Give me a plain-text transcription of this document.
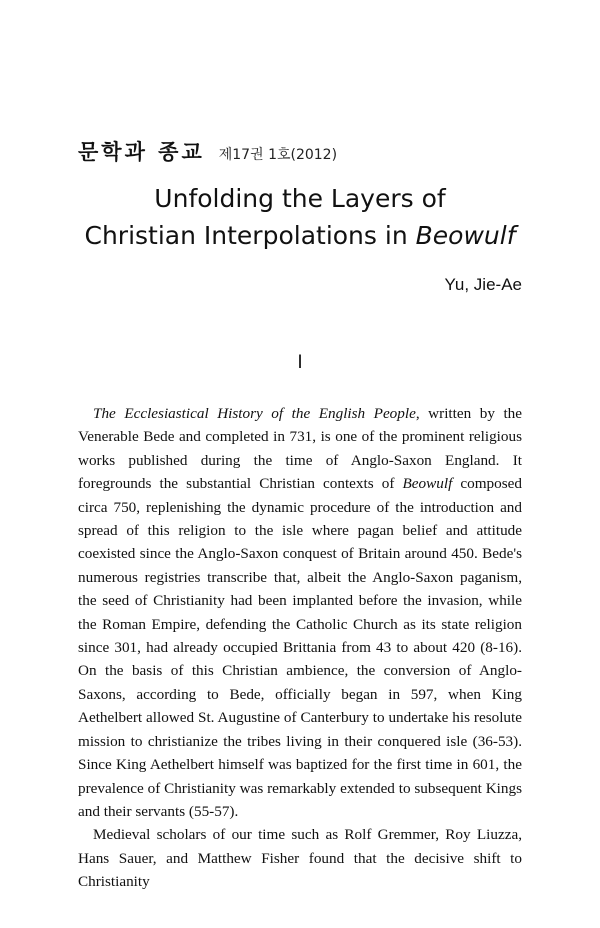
문학과 종교 제17권 1호(2012)
Unfolding the Layers of
Christian Interpolations in Beowulf
Yu, Jie-Ae
I

The Ecclesiastical History of the English People, written by the Venerable Bede and completed in 731, is one of the prominent religious works published during the time of Anglo-Saxon England. It foregrounds the substantial Christian contexts of Beowulf composed circa 750, replenishing the dynamic procedure of the introduction and spread of this religion to the isle where pagan belief and attitude coexisted since the Anglo-Saxon conquest of Britain around 450. Bede's numerous registries transcribe that, albeit the Anglo-Saxon paganism, the seed of Christianity had been implanted before the invasion, while the Roman Empire, defending the Catholic Church as its state religion since 301, had already occupied Brittania from 43 to about 420 (8-16). On the basis of this Christian ambience, the conversion of Anglo-Saxons, according to Bede, officially began in 597, when King Aethelbert allowed St. Augustine of Canterbury to undertake his resolute mission to christianize the tribes living in their conquered isle (36-53). Since King Aethelbert himself was baptized for the first time in 601, the prevalence of Christianity was remarkably extended to subsequent Kings and their servants (55-57).

Medieval scholars of our time such as Rolf Gremmer, Roy Liuzza, Hans Sauer, and Matthew Fisher found that the decisive shift to Christianity
